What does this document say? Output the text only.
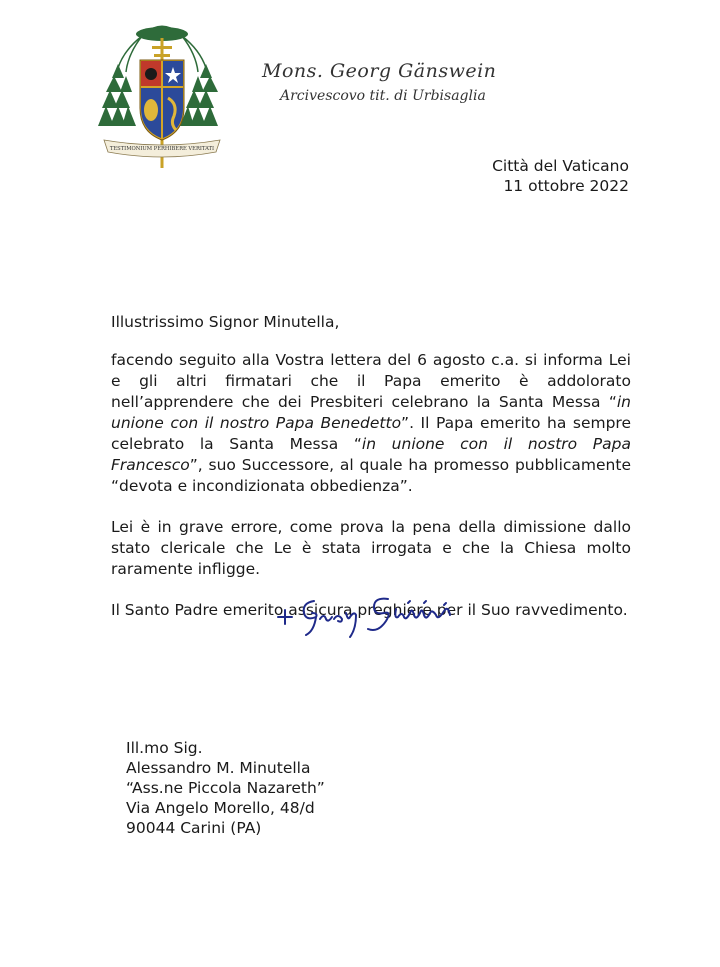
TESTIMONIUM PERHIBERE VERITATI
Mons. Georg Gänswein
Arcivescovo tit. di Urbisaglia
Città del Vaticano
11 ottobre 2022

Illustrissimo Signor Minutella,

facendo seguito alla Vostra lettera del 6 agosto c.a. si informa Lei e gli altri firmatari che il Papa emerito è addolorato nell’apprendere che dei Presbiteri celebrano la Santa Messa “in unione con il nostro Papa Benedetto”. Il Papa emerito ha sempre celebrato la Santa Messa “in unione con il nostro Papa Francesco”, suo Successore, al quale ha promesso pubblicamente “devota e incondizionata obbedienza”.

Lei è in grave errore, come prova la pena della dimissione dallo stato clericale che Le è stata irrogata e che la Chiesa molto raramente infligge.

Il Santo Padre emerito assicura preghiere per il Suo ravvedimento.

Ill.mo Sig.
Alessandro M. Minutella
“Ass.ne Piccola Nazareth”
Via Angelo Morello, 48/d
90044 Carini (PA)
